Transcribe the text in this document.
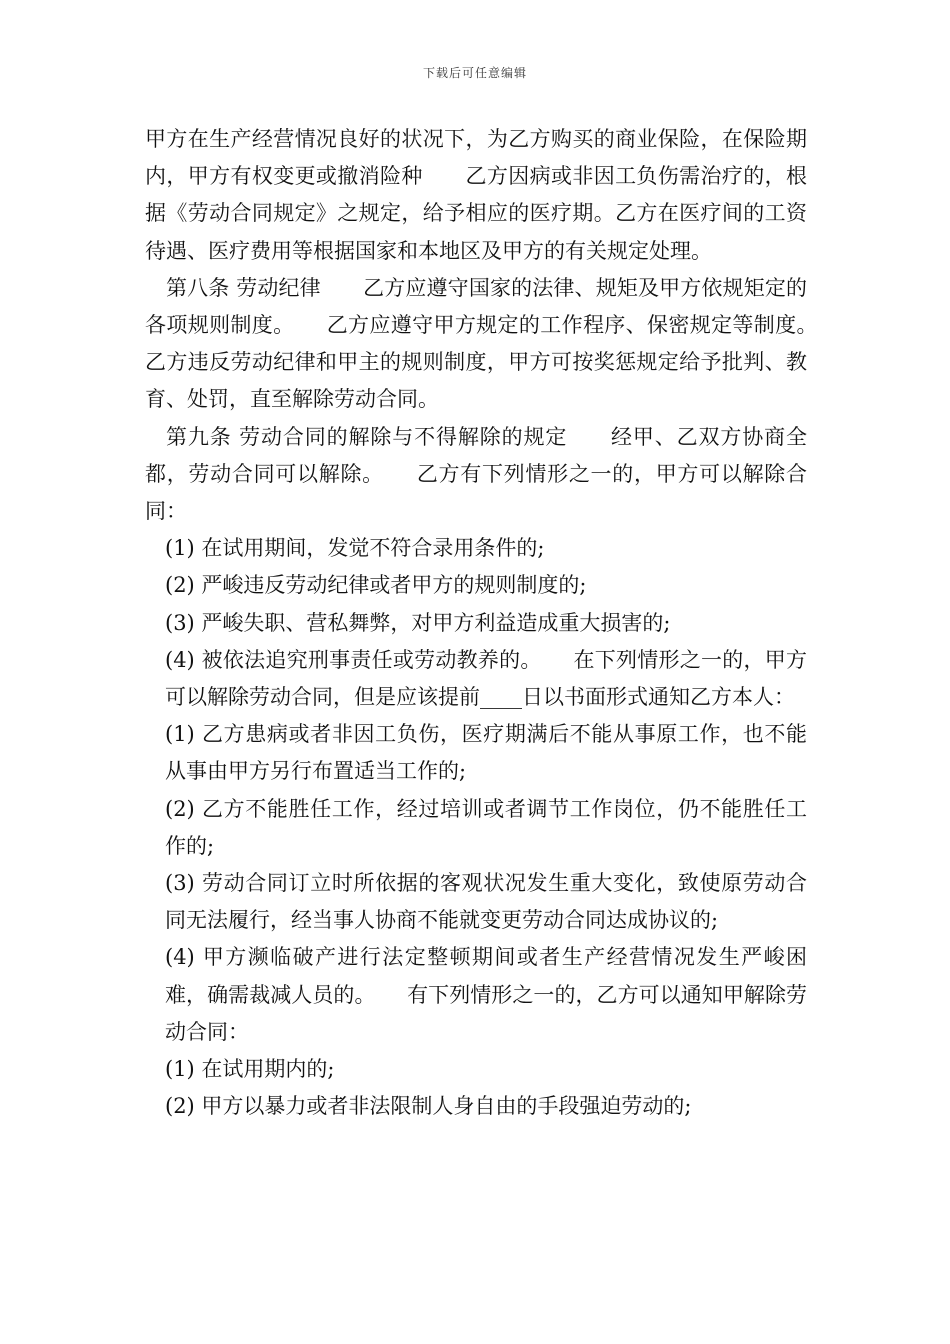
下载后可任意编辑

甲方在生产经营情况良好的状况下，为乙方购买的商业保险，在保险期内，甲方有权变更或撤消险种　　乙方因病或非因工负伤需治疗的，根据《劳动合同规定》之规定，给予相应的医疗期。乙方在医疗间的工资待遇、医疗费用等根据国家和本地区及甲方的有关规定处理。

第八条 劳动纪律　　乙方应遵守国家的法律、规矩及甲方依规矩定的各项规则制度。　　乙方应遵守甲方规定的工作程序、保密规定等制度。　　乙方违反劳动纪律和甲主的规则制度，甲方可按奖惩规定给予批判、教 育、处罚，直至解除劳动合同。

第九条 劳动合同的解除与不得解除的规定　　经甲、乙双方协商全都，劳动合同可以解除。　　乙方有下列情形之一的，甲方可以解除合同：

(1) 在试用期间，发觉不符合录用条件的;

(2) 严峻违反劳动纪律或者甲方的规则制度的;

(3) 严峻失职、营私舞弊，对甲方利益造成重大损害的;

(4) 被依法追究刑事责任或劳动教养的。　　在下列情形之一的，甲方可以解除劳动合同，但是应该提前____日以书面形式通知乙方本人：

(1) 乙方患病或者非因工负伤，医疗期满后不能从事原工作，也不能从事由甲方另行布置适当工作的;

(2) 乙方不能胜任工作，经过培训或者调节工作岗位，仍不能胜任工作的;

(3) 劳动合同订立时所依据的客观状况发生重大变化，致使原劳动合同无法履行，经当事人协商不能就变更劳动合同达成协议的;

(4) 甲方濒临破产进行法定整顿期间或者生产经营情况发生严峻困难，确需裁减人员的。　　有下列情形之一的，乙方可以通知甲解除劳动合同：

(1) 在试用期内的;

(2) 甲方以暴力或者非法限制人身自由的手段强迫劳动的;
